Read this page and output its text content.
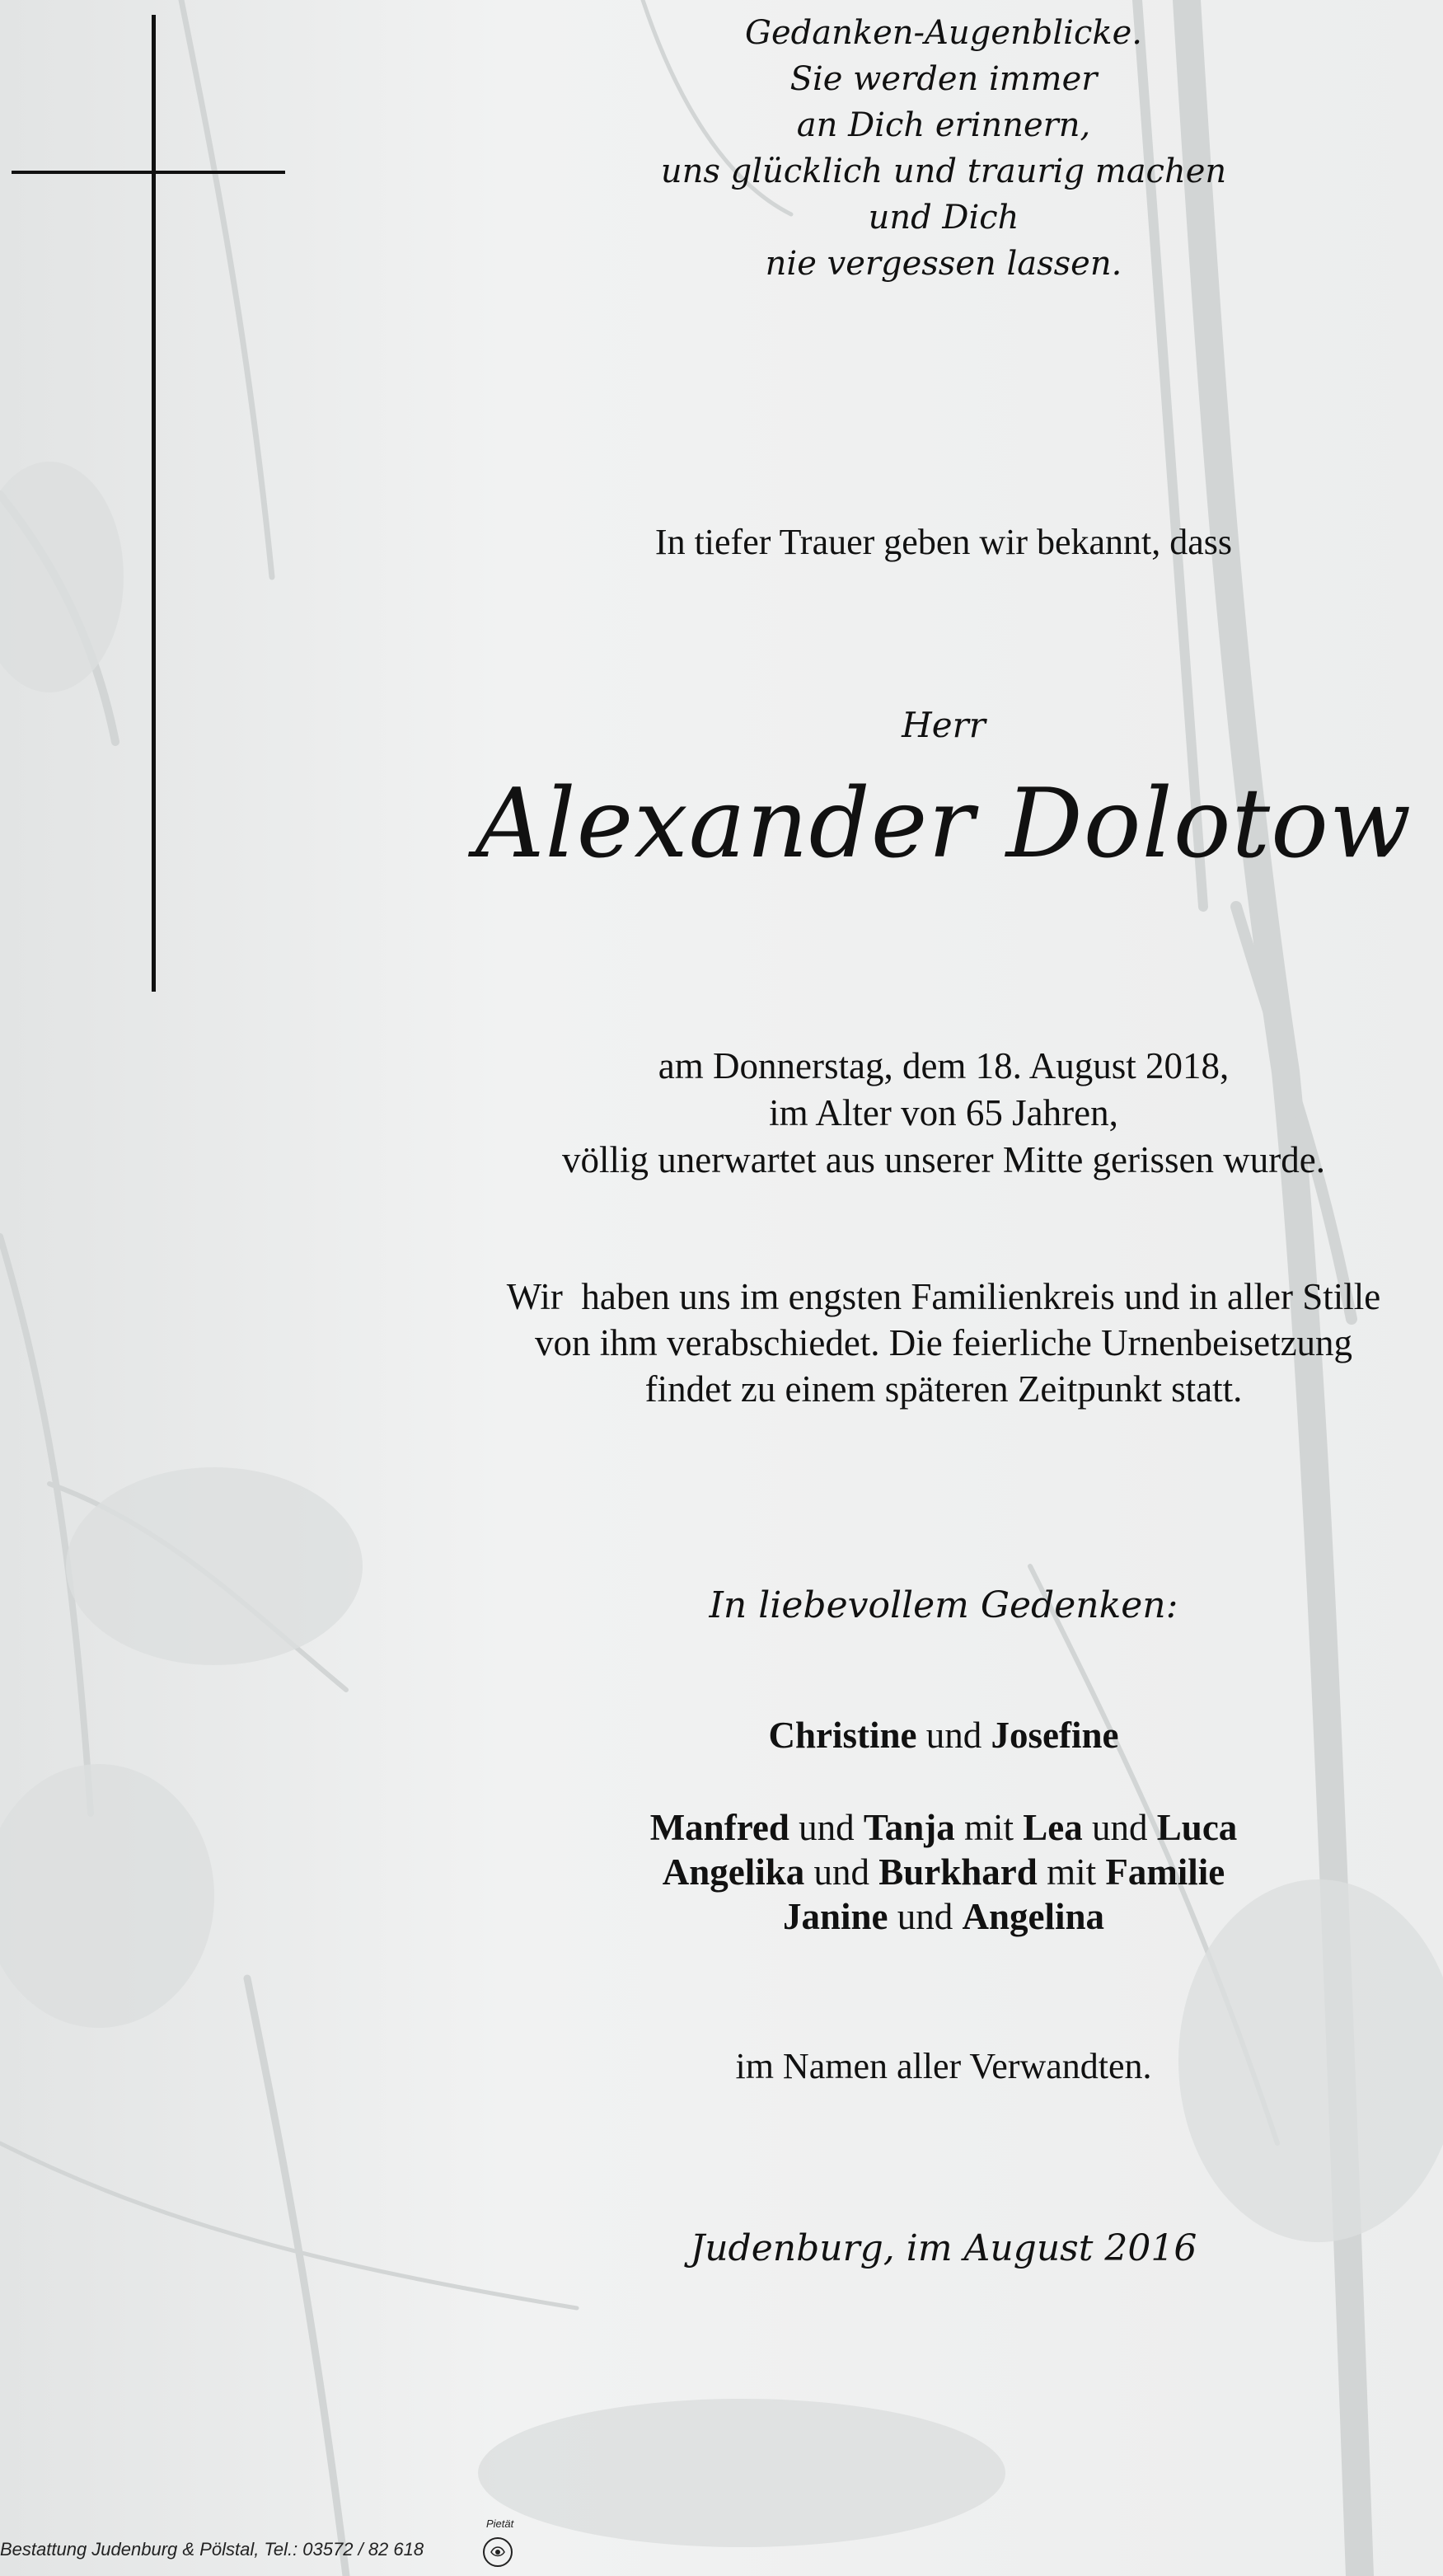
Gedanken-Augenblicke.
Sie werden immer
an Dich erinnern,
uns glücklich und traurig machen
und Dich
nie vergessen lassen.
In tiefer Trauer geben wir bekannt, dass
Herr
Alexander Dolotow
am Donnerstag, dem 18. August 2018,
im Alter von 65 Jahren,
völlig unerwartet aus unserer Mitte gerissen wurde.
Wir  haben uns im engsten Familienkreis und in aller Stille
von ihm verabschiedet. Die feierliche Urnenbeisetzung
findet zu einem späteren Zeitpunkt statt.
In liebevollem Gedenken:
Christine und Josefine
Manfred und Tanja mit Lea und Luca
Angelika und Burkhard mit Familie
Janine und Angelina
im Namen aller Verwandten.
Judenburg, im August 2016
Bestattung Judenburg & Pölstal, Tel.: 03572 / 82 618
Pietät
